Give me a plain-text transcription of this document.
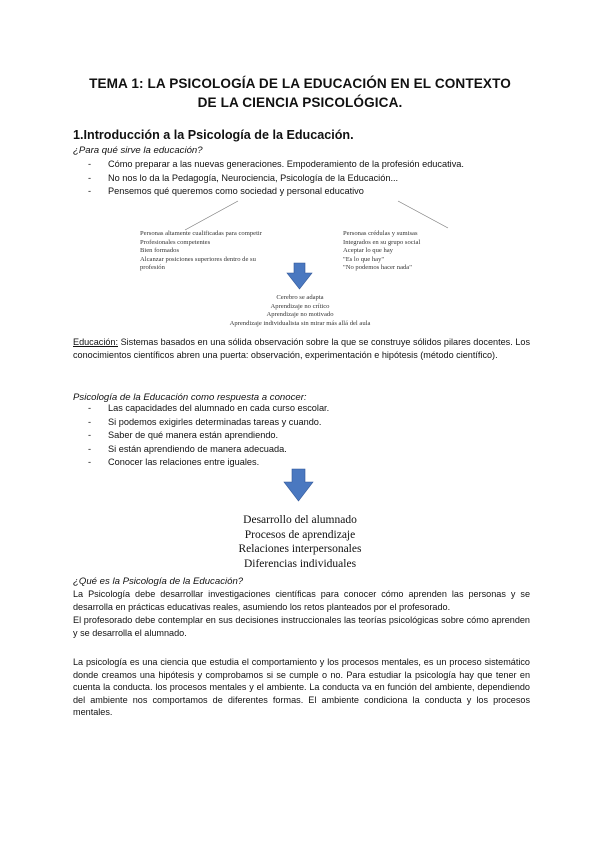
TEMA 1: LA PSICOLOGÍA DE LA EDUCACIÓN EN EL CONTEXTO
DE LA CIENCIA PSICOLÓGICA.
1.Introducción a la Psicología de la Educación.
¿Para qué sirve la educación?
- Cómo preparar a las nuevas generaciones. Empoderamiento de la profesión educativa.
- No nos lo da la Pedagogía, Neurociencia, Psicología de la Educación...
- Pensemos qué queremos como sociedad y personal educativo
Personas altamente cualificadas para competir
Profesionales competentes
Bien formados
Alcanzar posiciones superiores dentro de su
profesión
Personas crédulas y sumisas
Integrados en su grupo social
Aceptar lo que hay
"Es lo que hay"
"No podemos hacer nada"
Cerebro se adapta
Aprendizaje no crítico
Aprendizaje no motivado
Aprendizaje individualista sin mirar más allá del aula

Educación: Sistemas basados en una sólida observación sobre la que se construye sólidos pilares docentes. Los conocimientos científicos abren una puerta: observación, experimentación e hipótesis (método científico).

Psicología de la Educación como respuesta a conocer:
- Las capacidades del alumnado en cada curso escolar.
- Si podemos exigirles determinadas tareas y cuando.
- Saber de qué manera están aprendiendo.
- Si están aprendiendo de manera adecuada.
- Conocer las relaciones entre iguales.
Desarrollo del alumnado
Procesos de aprendizaje
Relaciones interpersonales
Diferencias individuales
¿Qué es la Psicología de la Educación?

La Psicología debe desarrollar investigaciones científicas para conocer cómo aprenden las personas y se desarrolla en prácticas educativas reales, asumiendo los retos planteados por el profesorado.

El profesorado debe contemplar en sus decisiones instruccionales las teorías psicológicas sobre cómo aprenden y se desarrolla el alumnado.

La psicología es una ciencia que estudia el comportamiento y los procesos mentales, es un proceso sistemático donde creamos una hipótesis y comprobamos si se cumple o no. Para estudiar la psicología hay que tener en cuenta la conducta. los procesos mentales y el ambiente. La conducta va en función del ambiente, dependiendo del ambiente nos comportamos de diferentes formas. El ambiente condiciona la conducta y los procesos mentales.
